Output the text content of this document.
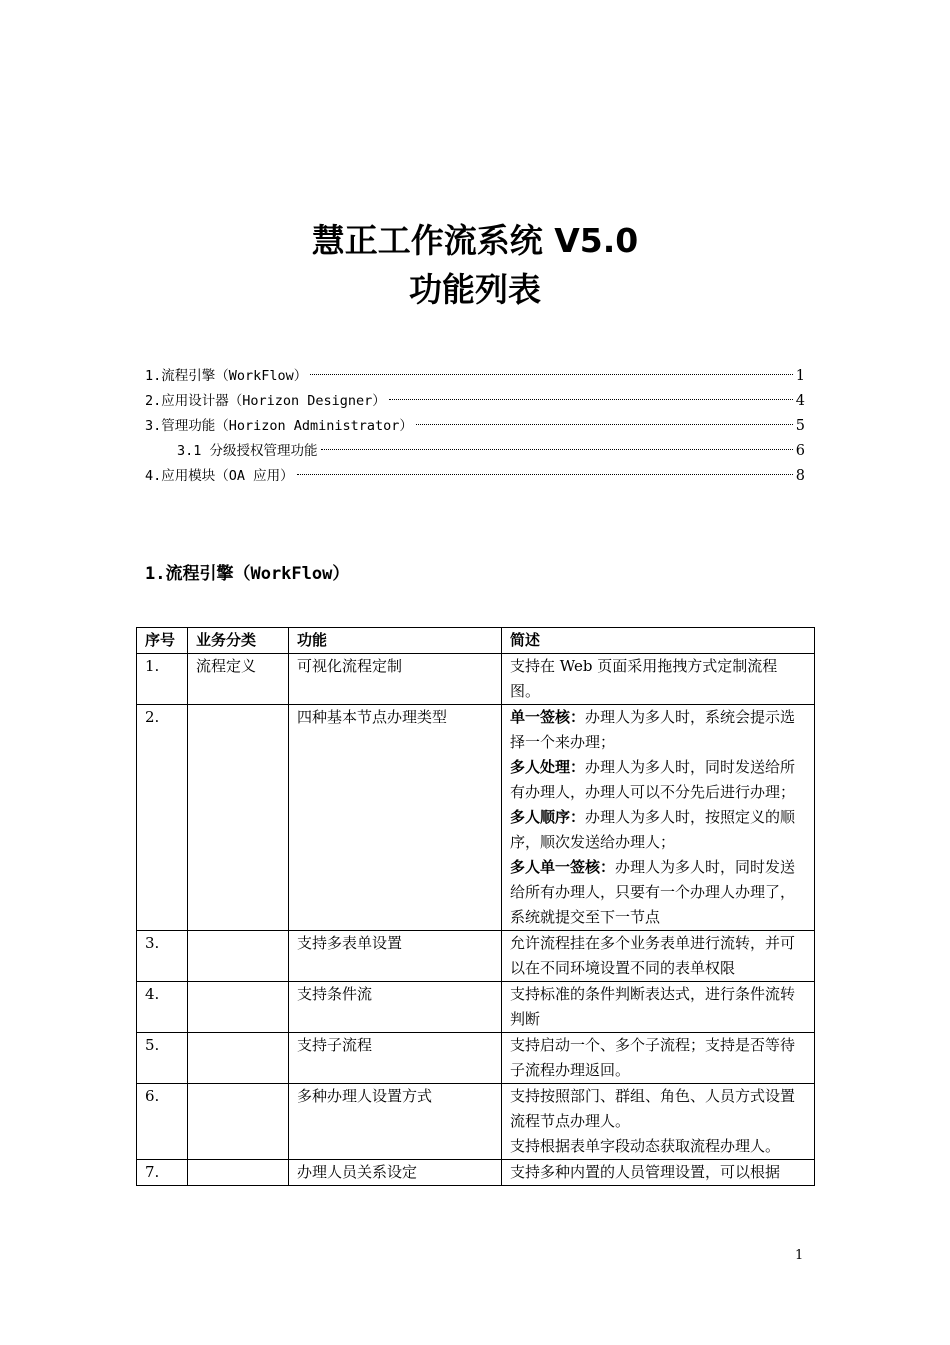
慧正工作流系统 V5.0
功能列表
1.流程引擎（WorkFlow）	1
2.应用设计器（Horizon Designer）	4
3.管理功能（Horizon Administrator）	5
3.1 分级授权管理功能	6
4.应用模块（OA 应用）	8
1.流程引擎（WorkFlow）
序号	业务分类	功能	简述
1.	流程定义	可视化流程定制	支持在 Web 页面采用拖拽方式定制流程图。

2.		四种基本节点办理类型	单一签核：办理人为多人时，系统会提示选择一个来办理；
多人处理：办理人为多人时，同时发送给所有办理人，办理人可以不分先后进行办理；
多人顺序：办理人为多人时，按照定义的顺序，顺次发送给办理人；
多人单一签核：办理人为多人时，同时发送给所有办理人，只要有一个办理人办理了，系统就提交至下一节点

3.		支持多表单设置	允许流程挂在多个业务表单进行流转，并可以在不同环境设置不同的表单权限

4.		支持条件流	支持标准的条件判断表达式，进行条件流转判断

5.		支持子流程	支持启动一个、多个子流程；支持是否等待子流程办理返回。

6.		多种办理人设置方式	支持按照部门、群组、角色、人员方式设置流程节点办理人。
支持根据表单字段动态获取流程办理人。

7.		办理人员关系设定	支持多种内置的人员管理设置，可以根据
1
